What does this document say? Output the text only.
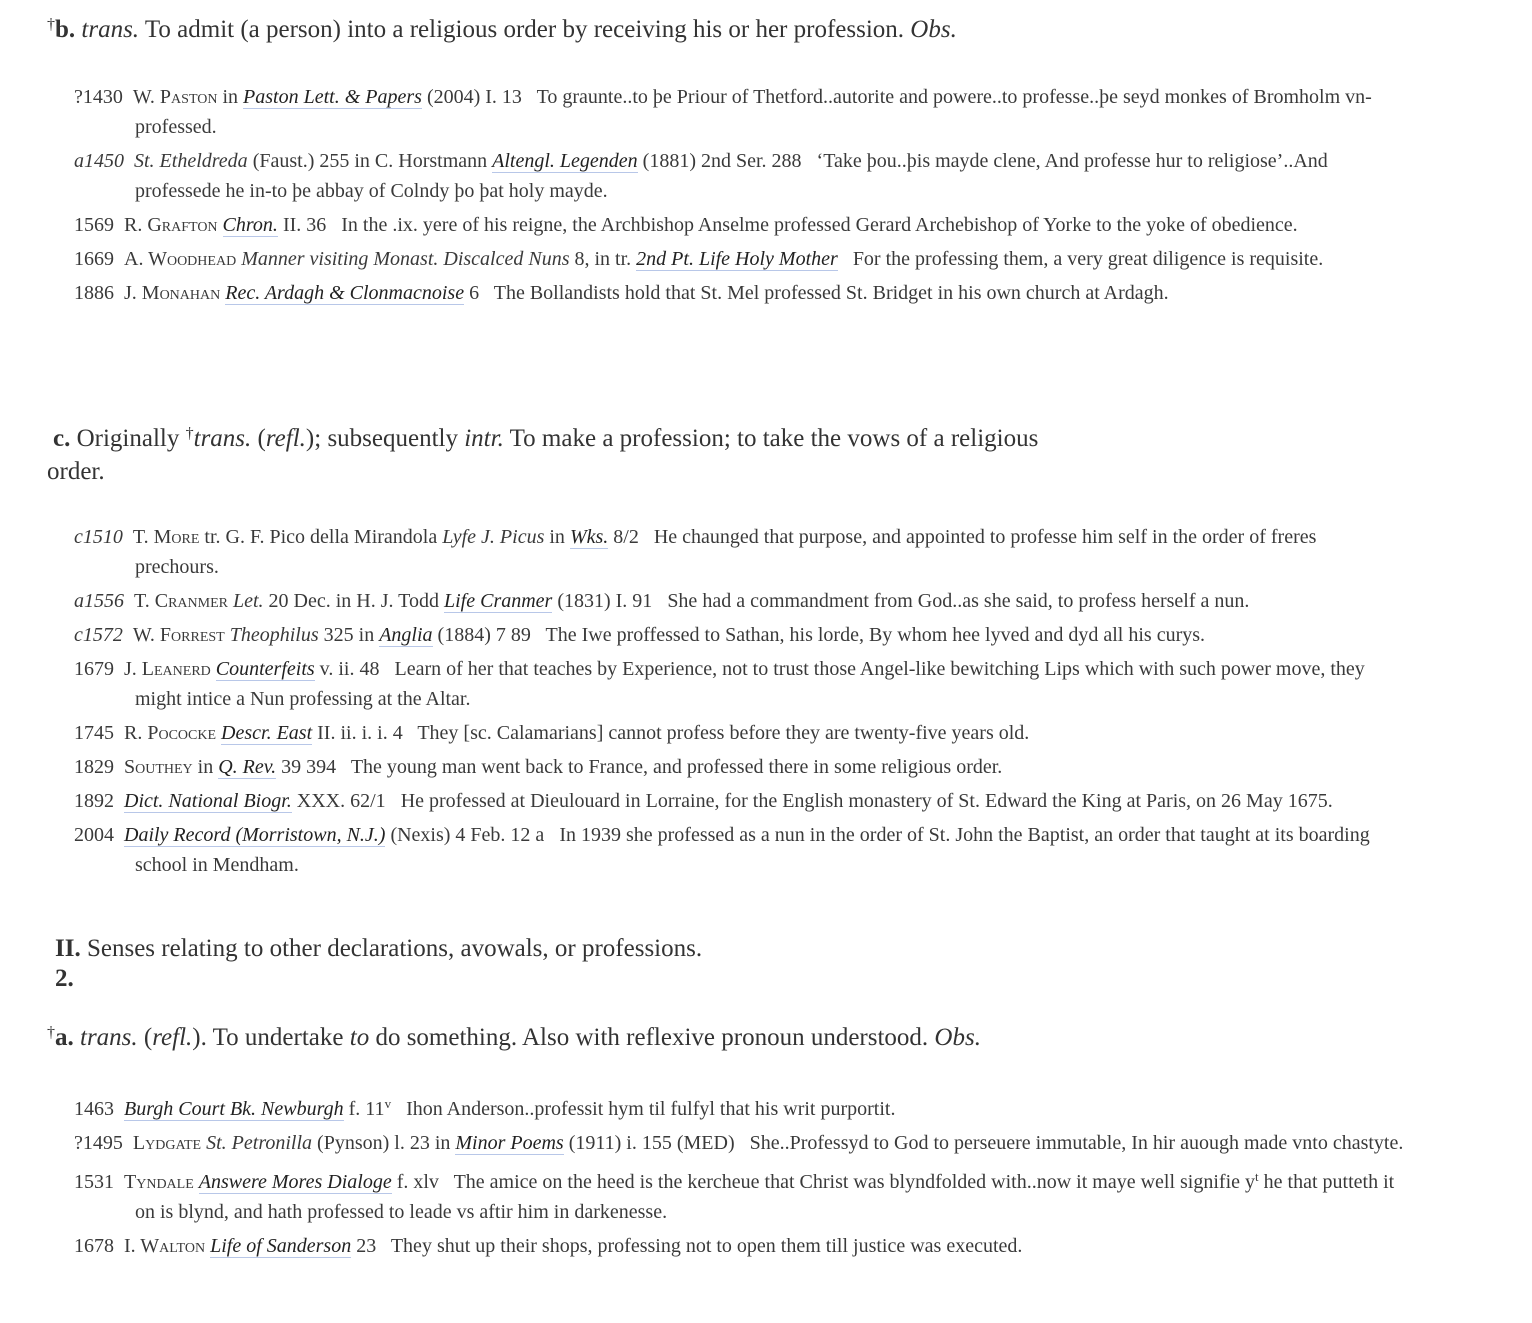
†b. trans. To admit (a person) into a religious order by receiving his or her profession. Obs.
?1430 W. Paston in Paston Lett. & Papers (2004) I. 13 To graunte..to þe Priour of Thetford..autorite and powere..to professe..þe seyd monkes of Bromholm vn-professed.
a1450 St. Etheldreda (Faust.) 255 in C. Horstmann Altengl. Legenden (1881) 2nd Ser. 288 ‘Take þou..þis mayde clene, And professe hur to religiose’..And professede he in-to þe abbay of Colndy þo þat holy mayde.
1569 R. Grafton Chron. II. 36 In the .ix. yere of his reigne, the Archbishop Anselme professed Gerard Archebishop of Yorke to the yoke of obedience.
1669 A. Woodhead Manner visiting Monast. Discalced Nuns 8, in tr. 2nd Pt. Life Holy Mother For the professing them, a very great diligence is requisite.
1886 J. Monahan Rec. Ardagh & Clonmacnoise 6 The Bollandists hold that St. Mel professed St. Bridget in his own church at Ardagh.
c. Originally †trans. (refl.); subsequently intr. To make a profession; to take the vows of a religious order.
c1510 T. More tr. G. F. Pico della Mirandola Lyfe J. Picus in Wks. 8/2 He chaunged that purpose, and appointed to professe him self in the order of freres prechours.
a1556 T. Cranmer Let. 20 Dec. in H. J. Todd Life Cranmer (1831) I. 91 She had a commandment from God..as she said, to profess herself a nun.
c1572 W. Forrest Theophilus 325 in Anglia (1884) 7 89 The Iwe proffessed to Sathan, his lorde, By whom hee lyved and dyd all his curys.
1679 J. Leanerd Counterfeits v. ii. 48 Learn of her that teaches by Experience, not to trust those Angel-like bewitching Lips which with such power move, they might intice a Nun professing at the Altar.
1745 R. Pococke Descr. East II. ii. i. i. 4 They [sc. Calamarians] cannot profess before they are twenty-five years old.
1829 Southey in Q. Rev. 39 394 The young man went back to France, and professed there in some religious order.
1892 Dict. National Biogr. XXX. 62/1 He professed at Dieulouard in Lorraine, for the English monastery of St. Edward the King at Paris, on 26 May 1675.
2004 Daily Record (Morristown, N.J.) (Nexis) 4 Feb. 12 a In 1939 she professed as a nun in the order of St. John the Baptist, an order that taught at its boarding school in Mendham.
II. Senses relating to other declarations, avowals, or professions.
2.
†a. trans. (refl.). To undertake to do something. Also with reflexive pronoun understood. Obs.
1463 Burgh Court Bk. Newburgh f. 11$^v$ Ihon Anderson..professit hym til fulfyl that his writ purportit.
?1495 Lydgate St. Petronilla (Pynson) l. 23 in Minor Poems (1911) i. 155 (MED) She..Professyd to God to perseuere immutable, In hir auough made vnto chastyte.
1531 Tyndale Answere Mores Dialoge f. xlv The amice on the heed is the kercheue that Christ was blyndfolded with..now it maye well signifie $y^t$ he that putteth it on is blynd, and hath professed to leade vs aftir him in darkenesse.
1678 I. Walton Life of Sanderson 23 They shut up their shops, professing not to open them till justice was executed.
